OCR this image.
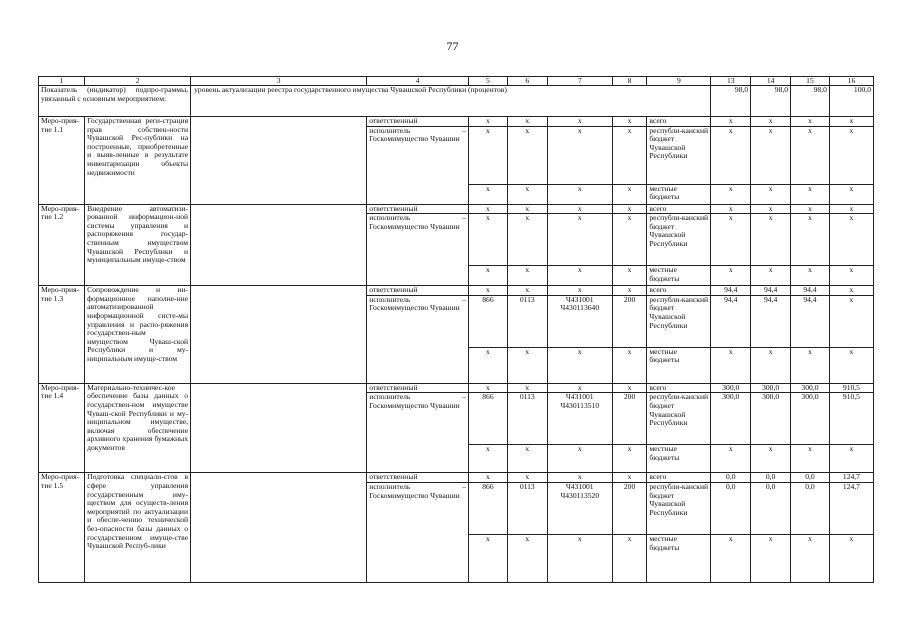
77
1	2	3	4	5	6	7	8	9	13	14	15	16
Показатель (индикатор) подпро-граммы, увязанный с основным мероприятием:		уровень актуализации реестра государственного имущества Чувашской Республики (процентов)							98,0	98,0	98,0	100,0
Меро-прия-тие 1.1	Государственная реги-страция прав собствен-ности Чувашской Рес-публики на построенные, приобретенные и выяв-ленные в результате инвентаризации объекты недвижимости		ответственный	х	х	х	х	всего	х	х	х	х
			исполнитель – Госкомимущество Чувашии	х	х	х	х	республи-канский бюджет Чувашской Республики	х	х	х	х
				х	х	х	х	местные бюджеты	х	х	х	х
Меро-прия-тие 1.2	Внедрение автоматизи-рованной информацион-ной системы управления и распоряжения государ-ственным имуществом Чувашской Республики и муниципальным имуще-ством		ответственный	х	х	х	х	всего	х	х	х	х
			исполнитель – Госкомимущество Чувашии	х	х	х	х	республи-канский бюджет Чувашской Республики	х	х	х	х
				х	х	х	х	местные бюджеты	х	х	х	х
Меро-прия-тие 1.3	Сопровождение и ин-формационное наполне-ние автоматизированной информационной систе-мы управления и распо-ряжения государствен-ным имуществом Чуваш-ской Республики и му-ниципальным имуще-ством		ответственный	х	х	х	х	всего	94,4	94,4	94,4	х
			исполнитель – Госкомимущество Чувашии	866	0113	Ч431001 Ч430113640	200	республи-канский бюджет Чувашской Республики	94,4	94,4	94,4	х
				х	х	х	х	местные бюджеты	х	х	х	х
Меро-прия-тие 1.4	Материально-техничес-кое обеспечение базы данных о государствен-ном имуществе Чуваш-ской Республики и му-ниципальном имуществе, включая обеспечение архивного хранения бумажных документов		ответственный	х	х	х	х	всего	300,0	300,0	300,0	910,5
			исполнитель – Госкомимущество Чувашии	866	0113	Ч431001 Ч430113510	200	республи-канский бюджет Чувашской Республики	300,0	300,0	300,0	910,5
				х	х	х	х	местные бюджеты	х	х	х	х
Меро-прия-тие 1.5	Подготовка специали-стов в сфере управления государственным иму-ществом для осуществ-ления мероприятий по актуализации и обеспе-чению технической без-опасности базы данных о государственном имуще-стве Чувашской Респуб-лики		ответственный	х	х	х	х	всего	0,0	0,0	0,0	124,7
			исполнитель – Госкомимущество Чувашии	866	0113	Ч431001 Ч430113520	200	республи-канский бюджет Чувашской Республики	0,0	0,0	0,0	124,7
				х	х	х	х	местные бюджеты	х	х	х	х
